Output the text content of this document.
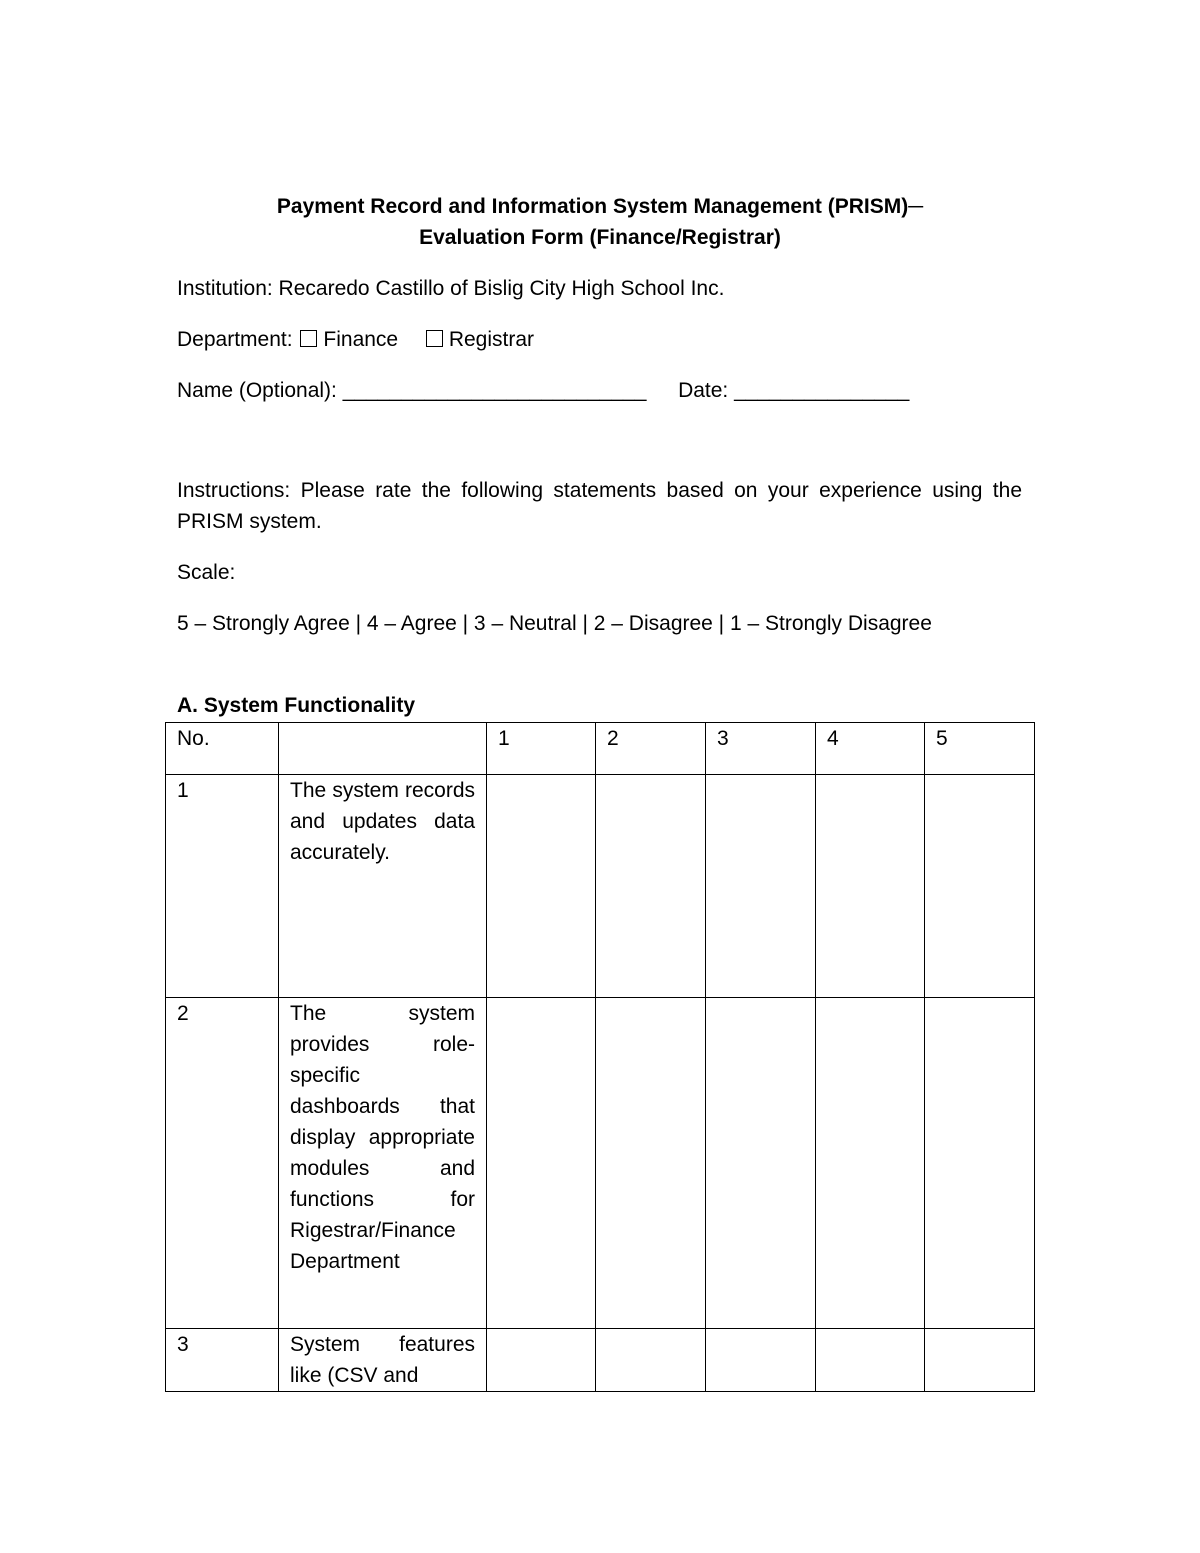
Payment Record and Information System Management (PRISM)─
Evaluation Form (Finance/Registrar)
Institution: Recaredo Castillo of Bislig City High School Inc.
Department: Finance Registrar
Name (Optional): __________________________ Date: _______________
Instructions: Please rate the following statements based on your experience using the PRISM system.
Scale:
5 – Strongly Agree | 4 – Agree | 3 – Neutral | 2 – Disagree | 1 – Strongly Disagree
A. System Functionality
No.		1	2	3	4	5
1	The system records and updates data accurately.					
2	The system provides role-specific dashboards that display appropriate modules and functions for Rigestrar/Finance Department					
3	System features like (CSV and					
